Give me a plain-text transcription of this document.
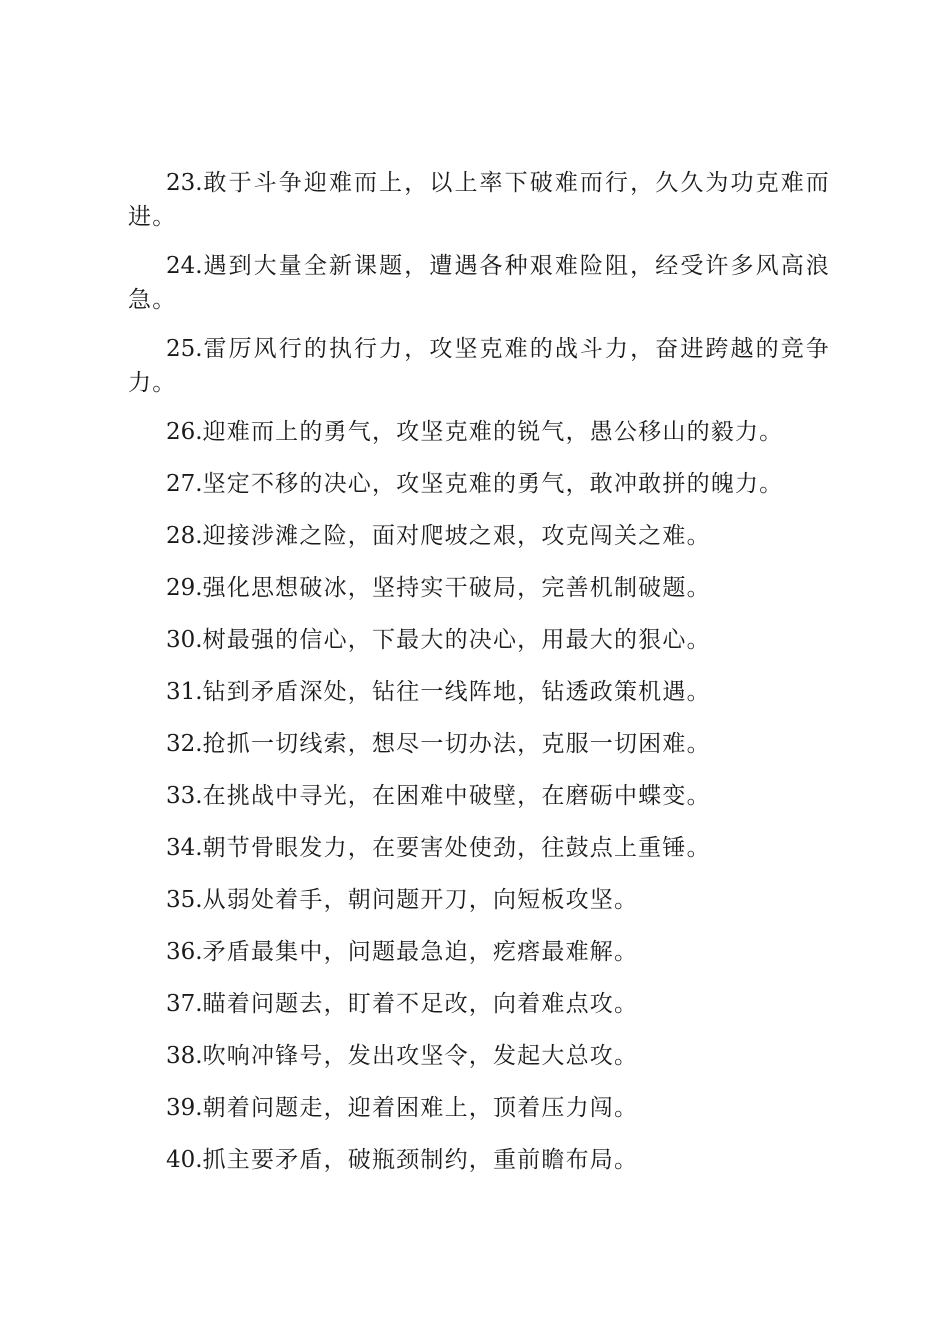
23.敢于斗争迎难而上，以上率下破难而行，久久为功克难而进。
24.遇到大量全新课题，遭遇各种艰难险阻，经受许多风高浪急。
25.雷厉风行的执行力，攻坚克难的战斗力，奋进跨越的竞争力。
26.迎难而上的勇气，攻坚克难的锐气，愚公移山的毅力。
27.坚定不移的决心，攻坚克难的勇气，敢冲敢拼的魄力。
28.迎接涉滩之险，面对爬坡之艰，攻克闯关之难。
29.强化思想破冰，坚持实干破局，完善机制破题。
30.树最强的信心，下最大的决心，用最大的狠心。
31.钻到矛盾深处，钻往一线阵地，钻透政策机遇。
32.抢抓一切线索，想尽一切办法，克服一切困难。
33.在挑战中寻光，在困难中破壁，在磨砺中蝶变。
34.朝节骨眼发力，在要害处使劲，往鼓点上重锤。
35.从弱处着手，朝问题开刀，向短板攻坚。
36.矛盾最集中，问题最急迫，疙瘩最难解。
37.瞄着问题去，盯着不足改，向着难点攻。
38.吹响冲锋号，发出攻坚令，发起大总攻。
39.朝着问题走，迎着困难上，顶着压力闯。
40.抓主要矛盾，破瓶颈制约，重前瞻布局。
